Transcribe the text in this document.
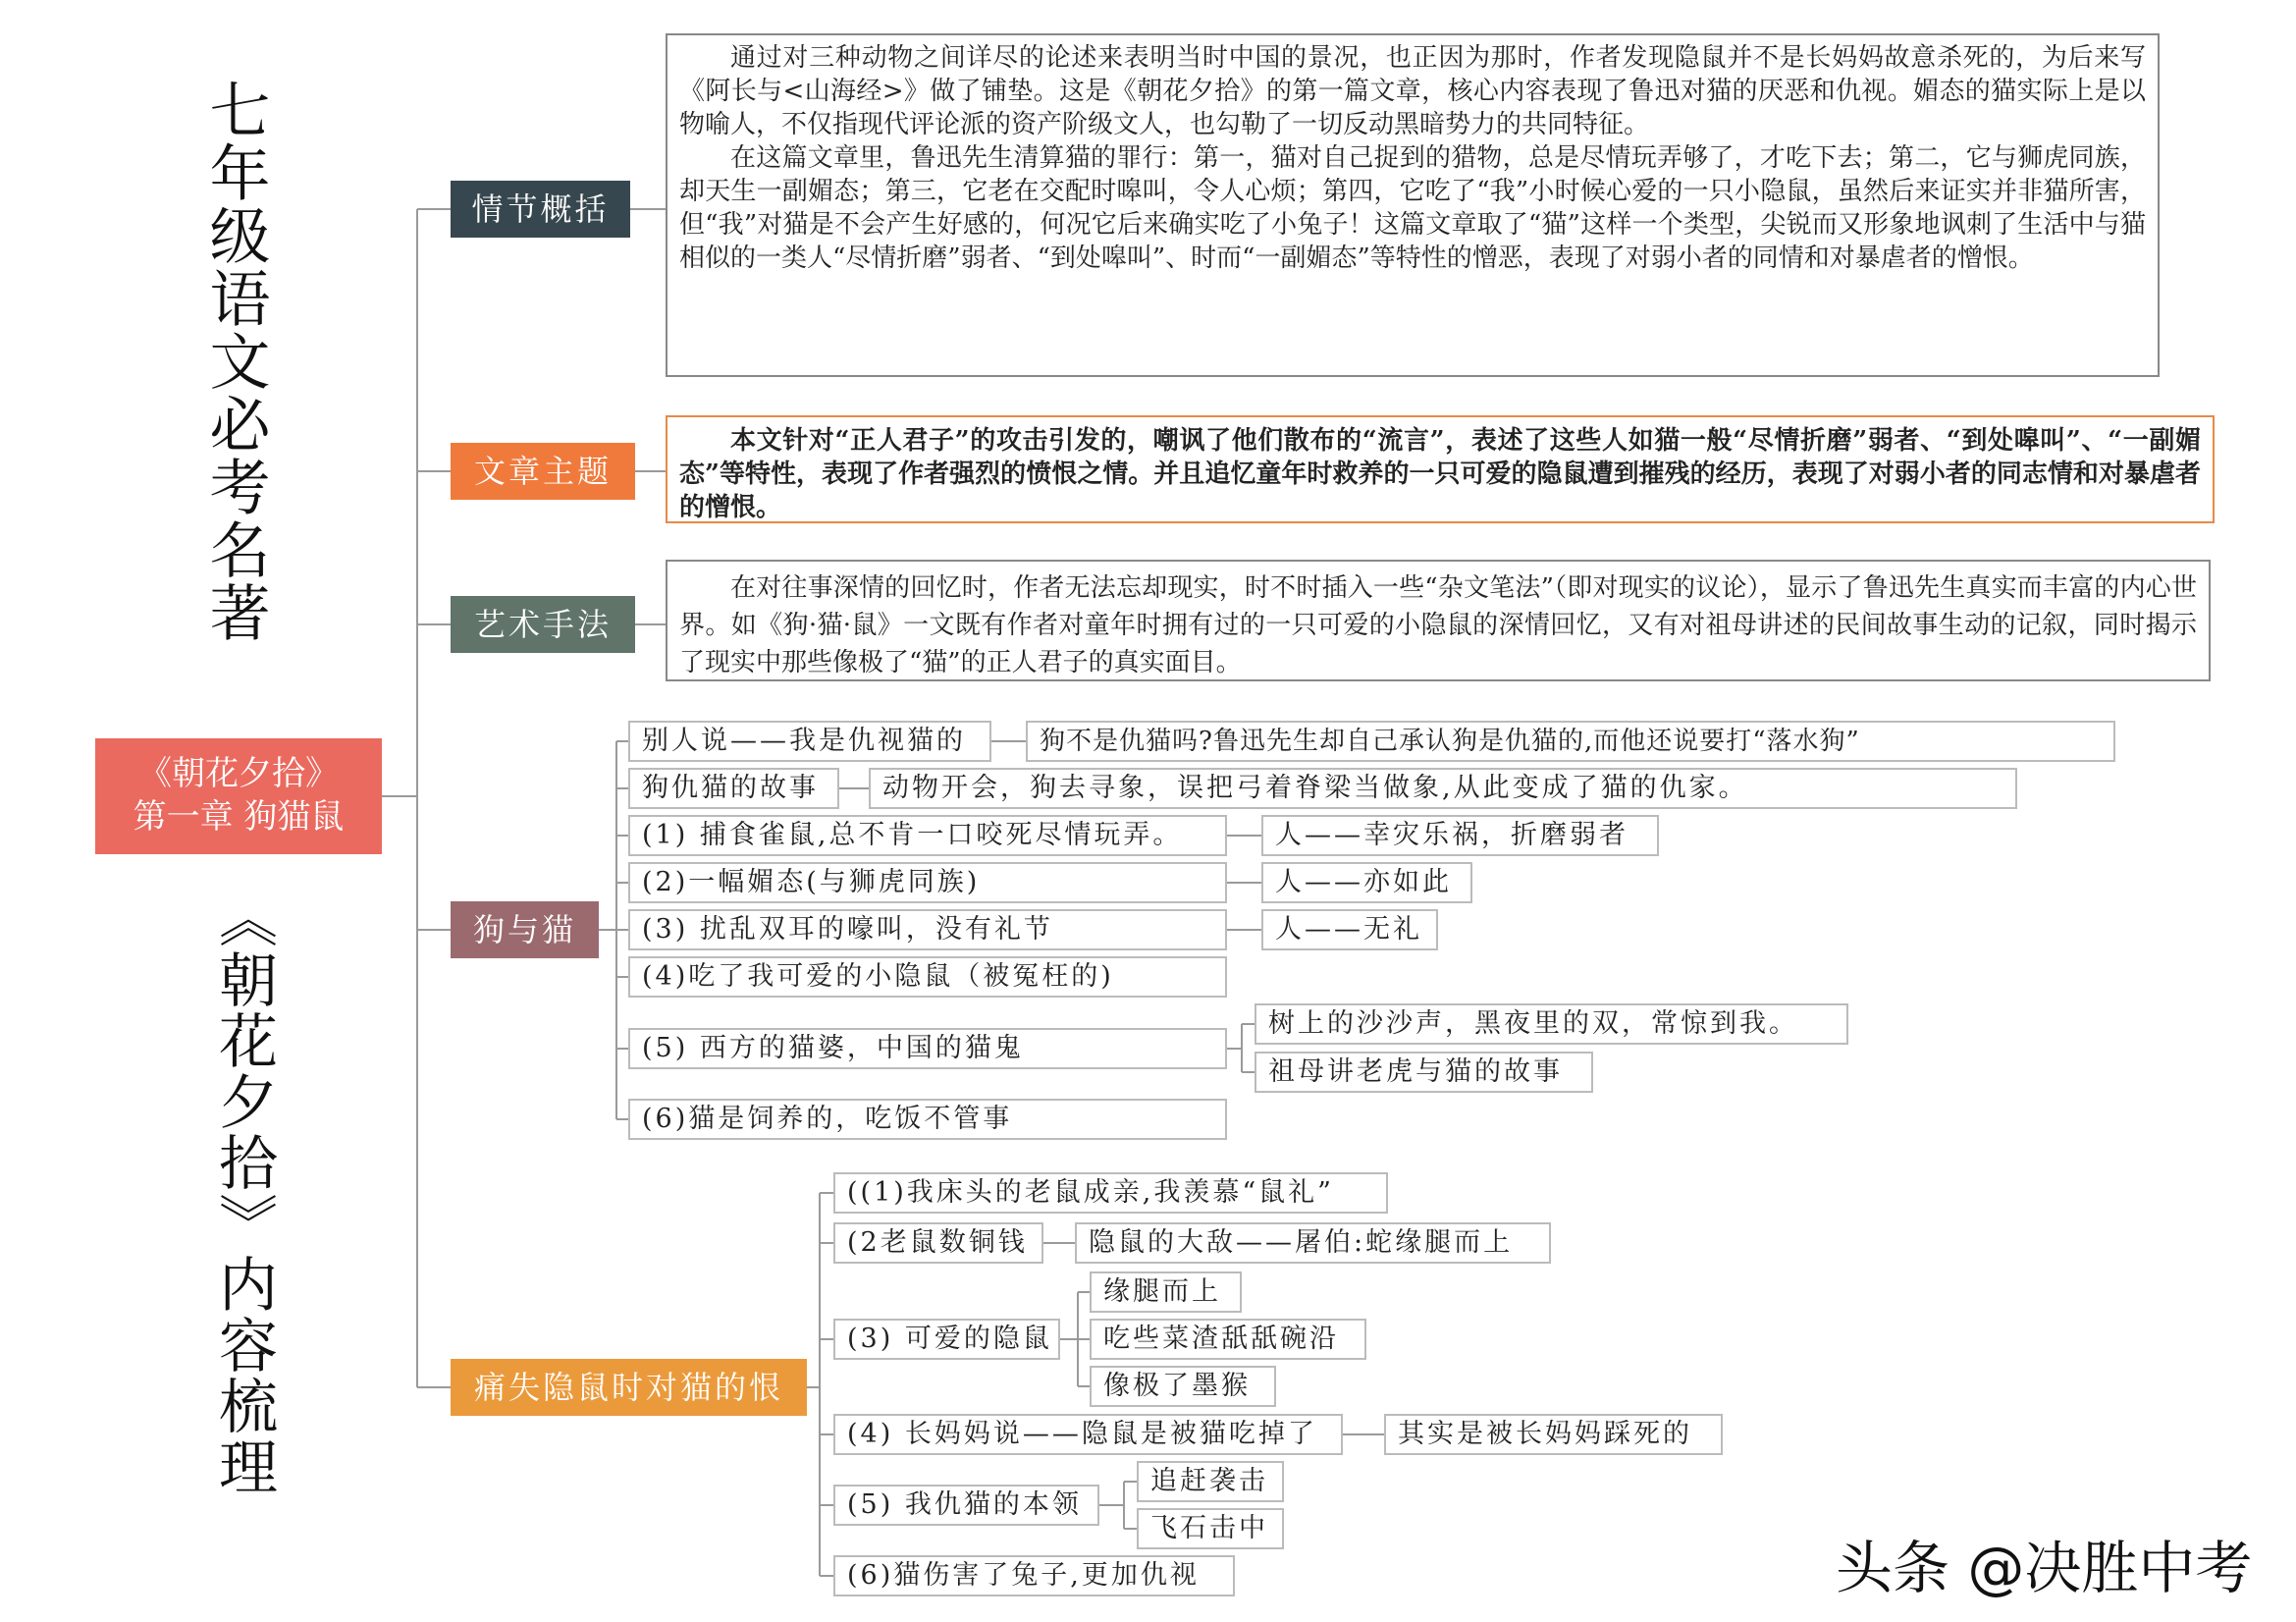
七年级语文必考名著
《朝花夕拾》内容梳理
《朝花夕拾》
第一章 狗猫鼠
情节概括
文章主题
艺术手法
狗与猫
痛失隐鼠时对猫的恨

通过对三种动物之间详尽的论述来表明当时中国的景况，也正因为那时，作者发现隐鼠并不是长妈妈故意杀死的，为后来写《阿长与<山海经>》做了铺垫。这是《朝花夕拾》的第一篇文章，核心内容表现了鲁迅对猫的厌恶和仇视。媚态的猫实际上是以物喻人，不仅指现代评论派的资产阶级文人，也勾勒了一切反动黑暗势力的共同特征。

在这篇文章里，鲁迅先生清算猫的罪行：第一，猫对自己捉到的猎物，总是尽情玩弄够了，才吃下去；第二，它与狮虎同族，却天生一副媚态；第三，它老在交配时嗥叫，令人心烦；第四，它吃了“我”小时候心爱的一只小隐鼠，虽然后来证实并非猫所害，但“我”对猫是不会产生好感的，何况它后来确实吃了小兔子！这篇文章取了“猫”这样一个类型，尖锐而又形象地讽刺了生活中与猫相似的一类人“尽情折磨”弱者、“到处嗥叫”、时而“一副媚态”等特性的憎恶，表现了对弱小者的同情和对暴虐者的憎恨。

本文针对“正人君子”的攻击引发的，嘲讽了他们散布的“流言”，表述了这些人如猫一般“尽情折磨”弱者、“到处嗥叫”、“一副媚态”等特性，表现了作者强烈的愤恨之情。并且追忆童年时救养的一只可爱的隐鼠遭到摧残的经历，表现了对弱小者的同志情和对暴虐者的憎恨。
在对往事深情的回忆时，作者无法忘却现实，时不时插入一些“杂文笔法”（即对现实的议论），显示了鲁迅先生真实而丰富的内心世界。如《狗·猫·鼠》一文既有作者对童年时拥有过的一只可爱的小隐鼠的深情回忆，又有对祖母讲述的民间故事生动的记叙，同时揭示了现实中那些像极了“猫”的正人君子的真实面目。
别人说——我是仇视猫的	狗不是仇猫吗?鲁迅先生却自己承认狗是仇猫的,而他还说要打“落水狗”
狗仇猫的故事	动物开会，狗去寻象，误把弓着脊梁当做象,从此变成了猫的仇家。
(1) 捕食雀鼠,总不肯一口咬死尽情玩弄。	人——幸灾乐祸，折磨弱者
(2)一幅媚态(与狮虎同族)	人——亦如此
(3) 扰乱双耳的嚎叫，没有礼节	人——无礼
(4)吃了我可爱的小隐鼠（被冤枉的)
(5) 西方的猫婆，中国的猫鬼
树上的沙沙声，黑夜里的双，常惊到我。
祖母讲老虎与猫的故事
(6)猫是饲养的，吃饭不管事
((1)我床头的老鼠成亲,我羡慕“鼠礼”
(2老鼠数铜钱	隐鼠的大敌——屠伯:蛇缘腿而上
(3) 可爱的隐鼠
缘腿而上
吃些菜渣舐舐碗沿
像极了墨猴
(4) 长妈妈说——隐鼠是被猫吃掉了	其实是被长妈妈踩死的
(5) 我仇猫的本领
追赶袭击
飞石击中
(6)猫伤害了兔子,更加仇视	头条 @决胜中考
